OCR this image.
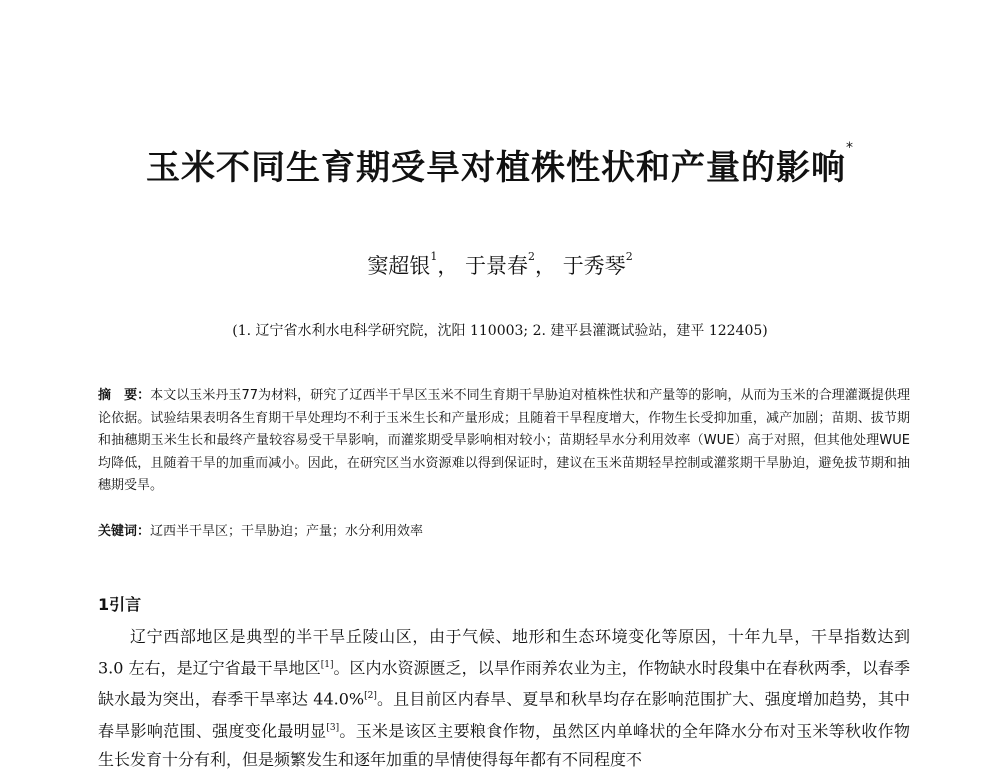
玉米不同生育期受旱对植株性状和产量的影响*
窦超银$^1$， 于景春$^2$， 于秀琴$^2$
(1. 辽宁省水利水电科学研究院，沈阳 110003; 2. 建平县灌溉试验站，建平 122405)
摘　要：本文以玉米丹玉77为材料，研究了辽西半干旱区玉米不同生育期干旱胁迫对植株性状和产量等的影响，从而为玉米的合理灌溉提供理论依据。试验结果表明各生育期干旱处理均不利于玉米生长和产量形成；且随着干旱程度增大，作物生长受抑加重，减产加剧；苗期、拔节期和抽穗期玉米生长和最终产量较容易受干旱影响，而灌浆期受旱影响相对较小；苗期轻旱水分利用效率（WUE）高于对照，但其他处理WUE均降低，且随着干旱的加重而减小。因此，在研究区当水资源难以得到保证时，建议在玉米苗期轻旱控制或灌浆期干旱胁迫，避免拔节期和抽穗期受旱。
关键词：辽西半干旱区；干旱胁迫；产量；水分利用效率
1引言
辽宁西部地区是典型的半干旱丘陵山区，由于气候、地形和生态环境变化等原因，十年九旱，干旱指数达到 3.0 左右，是辽宁省最干旱地区[1]。区内水资源匮乏，以旱作雨养农业为主，作物缺水时段集中在春秋两季，以春季缺水最为突出，春季干旱率达 44.0%[2]。且目前区内春旱、夏旱和秋旱均存在影响范围扩大、强度增加趋势，其中春旱影响范围、强度变化最明显[3]。玉米是该区主要粮食作物，虽然区内单峰状的全年降水分布对玉米等秋收作物生长发育十分有利，但是频繁发生和逐年加重的旱情使得每年都有不同程度不
